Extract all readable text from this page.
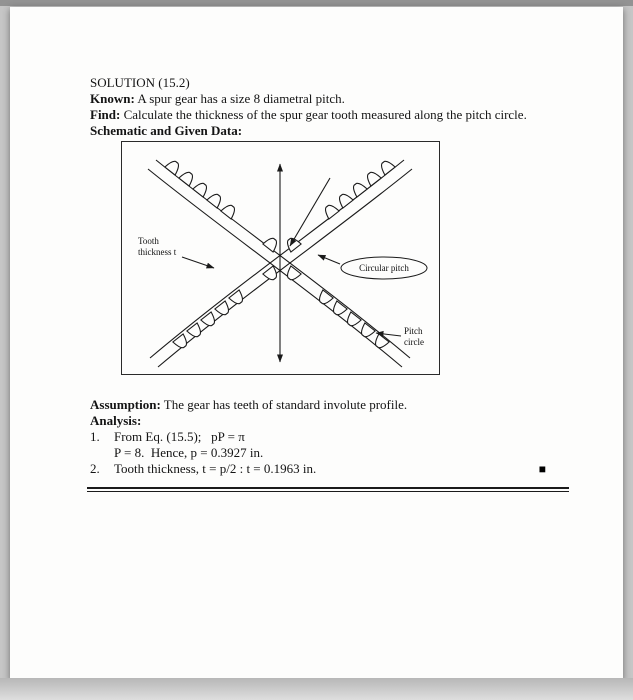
SOLUTION (15.2)

Known: A spur gear has a size 8 diametral pitch.

Find: Calculate the thickness of the spur gear tooth measured along the pitch circle.

Schematic and Given Data:

Tooth
thickness t
Circular pitch
Pitch
circle

Assumption: The gear has teeth of standard involute profile.

Analysis:

1.	From Eq. (15.5);   pP = π
P = 8.  Hence, p = 0.3927 in.
2.	Tooth thickness, t = p/2 : t = 0.1963 in.	■
